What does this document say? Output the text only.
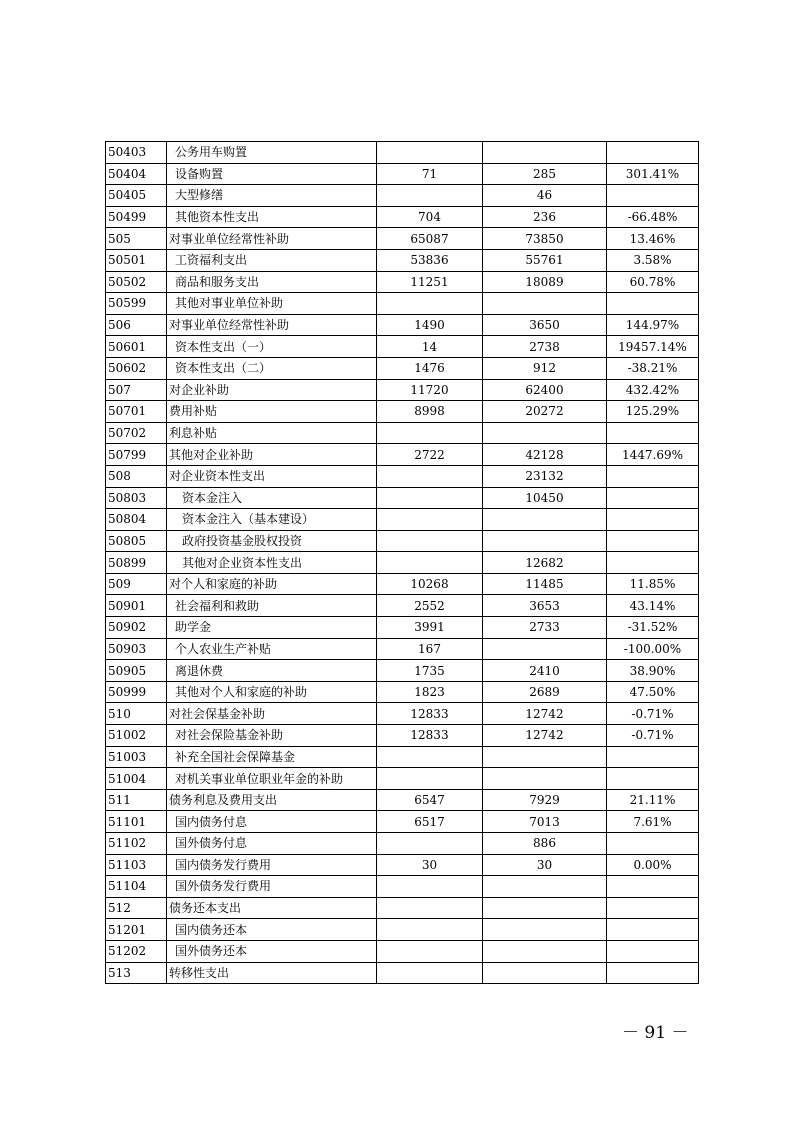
50403	公务用车购置			
50404	设备购置	71	285	301.41%
50405	大型修缮		46	
50499	其他资本性支出	704	236	-66.48%
505	对事业单位经常性补助	65087	73850	13.46%
50501	工资福利支出	53836	55761	3.58%
50502	商品和服务支出	11251	18089	60.78%
50599	其他对事业单位补助			
506	对事业单位经常性补助	1490	3650	144.97%
50601	资本性支出（一）	14	2738	19457.14%
50602	资本性支出（二）	1476	912	-38.21%
507	对企业补助	11720	62400	432.42%
50701	费用补贴	8998	20272	125.29%
50702	利息补贴			
50799	其他对企业补助	2722	42128	1447.69%
508	对企业资本性支出		23132	
50803	资本金注入		10450	
50804	资本金注入（基本建设）			
50805	政府投资基金股权投资			
50899	其他对企业资本性支出		12682	
509	对个人和家庭的补助	10268	11485	11.85%
50901	社会福利和救助	2552	3653	43.14%
50902	助学金	3991	2733	-31.52%
50903	个人农业生产补贴	167		-100.00%
50905	离退休费	1735	2410	38.90%
50999	其他对个人和家庭的补助	1823	2689	47.50%
510	对社会保基金补助	12833	12742	-0.71%
51002	对社会保险基金补助	12833	12742	-0.71%
51003	补充全国社会保障基金			
51004	对机关事业单位职业年金的补助			
511	债务利息及费用支出	6547	7929	21.11%
51101	国内债务付息	6517	7013	7.61%
51102	国外债务付息		886	
51103	国内债务发行费用	30	30	0.00%
51104	国外债务发行费用			
512	债务还本支出			
51201	国内债务还本			
51202	国外债务还本			
513	转移性支出			
－ 91 －
